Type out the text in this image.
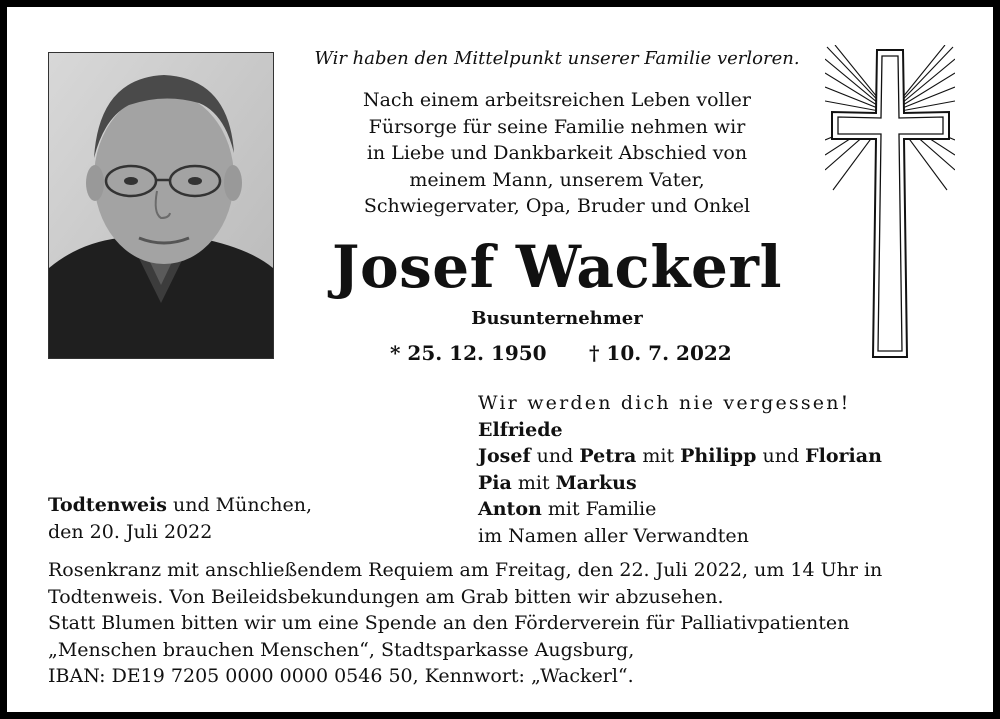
Wir haben den Mittelpunkt unserer Familie verloren.
Nach einem arbeitsreichen Leben voller
Fürsorge für seine Familie nehmen wir
in Liebe und Dankbarkeit Abschied von
meinem Mann, unserem Vater,
Schwiegervater, Opa, Bruder und Onkel
Josef Wackerl
Busunternehmer
* 25. 12. 1950 † 10. 7. 2022
Wir werden dich nie vergessen!
Elfriede
Josef und Petra mit Philipp und Florian
Pia mit Markus
Anton mit Familie
im Namen aller Verwandten
Todtenweis und München,
den 20. Juli 2022
Rosenkranz mit anschließendem Requiem am Freitag, den 22. Juli 2022, um 14 Uhr in
Todtenweis. Von Beileidsbekundungen am Grab bitten wir abzusehen.
Statt Blumen bitten wir um eine Spende an den Förderverein für Palliativpatienten
„Menschen brauchen Menschen“, Stadtsparkasse Augsburg,
IBAN: DE19 7205 0000 0000 0546 50, Kennwort: „Wackerl“.
